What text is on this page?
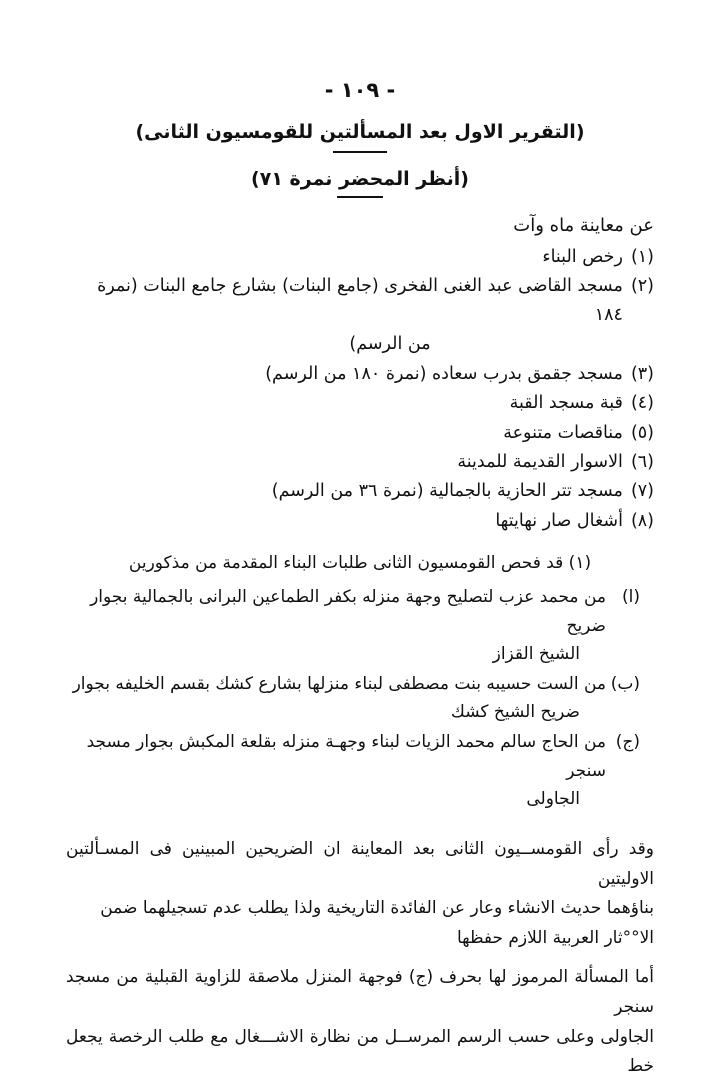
- ١٠٩ -

(التقرير الاول بعد المسألتين للقومسيون الثانى)

(أنظر المحضر نمرة ٧١)

عن معاينة ماه وآت

(١)
رخص البناء
(٢)
مسجد القاضى عبد الغنى الفخرى (جامع البنات) بشارع جامع البنات (نمرة ١٨٤
من الرسم)
(٣)
مسجد جقمق بدرب سعاده (نمرة ١٨٠ من الرسم)
(٤)
قبة مسجد القبة
(٥)
مناقصات متنوعة
(٦)
الاسوار القديمة للمدينة
(٧)
مسجد تتر الحازية بالجمالية (نمرة ٣٦ من الرسم)
(٨)
أشغال صار نهايتها

(١) قد فحص القومسيون الثانى طلبات البناء المقدمة من مذكورين

(ا)
من محمد عزب لتصليح وجهة منزله بكفر الطماعين البرانى بالجمالية بجوار ضريح
الشيخ القزاز
(ب)
من الست حسيبه بنت مصطفى لبناء منزلها بشارع كشك بقسم الخليفه بجوار
ضريح الشيخ كشك
(ج)
من الحاج سالم محمد الزيات لبناء وجهـة منزله بقلعة المكبش بجوار مسجد سنجر
الجاولى

وقد رأى القومســيون الثانى بعد المعاينة ان الضريحين المبينين فى المسـألتين الاوليتين
بناؤهما حديث الانشاء وعار عن الفائدة التاريخية ولذا يطلب عدم تسجيلهما ضمن
الا°°ثار العربية اللازم حفظها

أما المسألة المرموز لها بحرف (ج) فوجهة المنزل ملاصقة للزاوية القبلية من مسجد سنجر
الجاولى وعلى حسب الرسم المرســل من نظارة الاشـــغال مع طلب الرخصة يجعل خط
